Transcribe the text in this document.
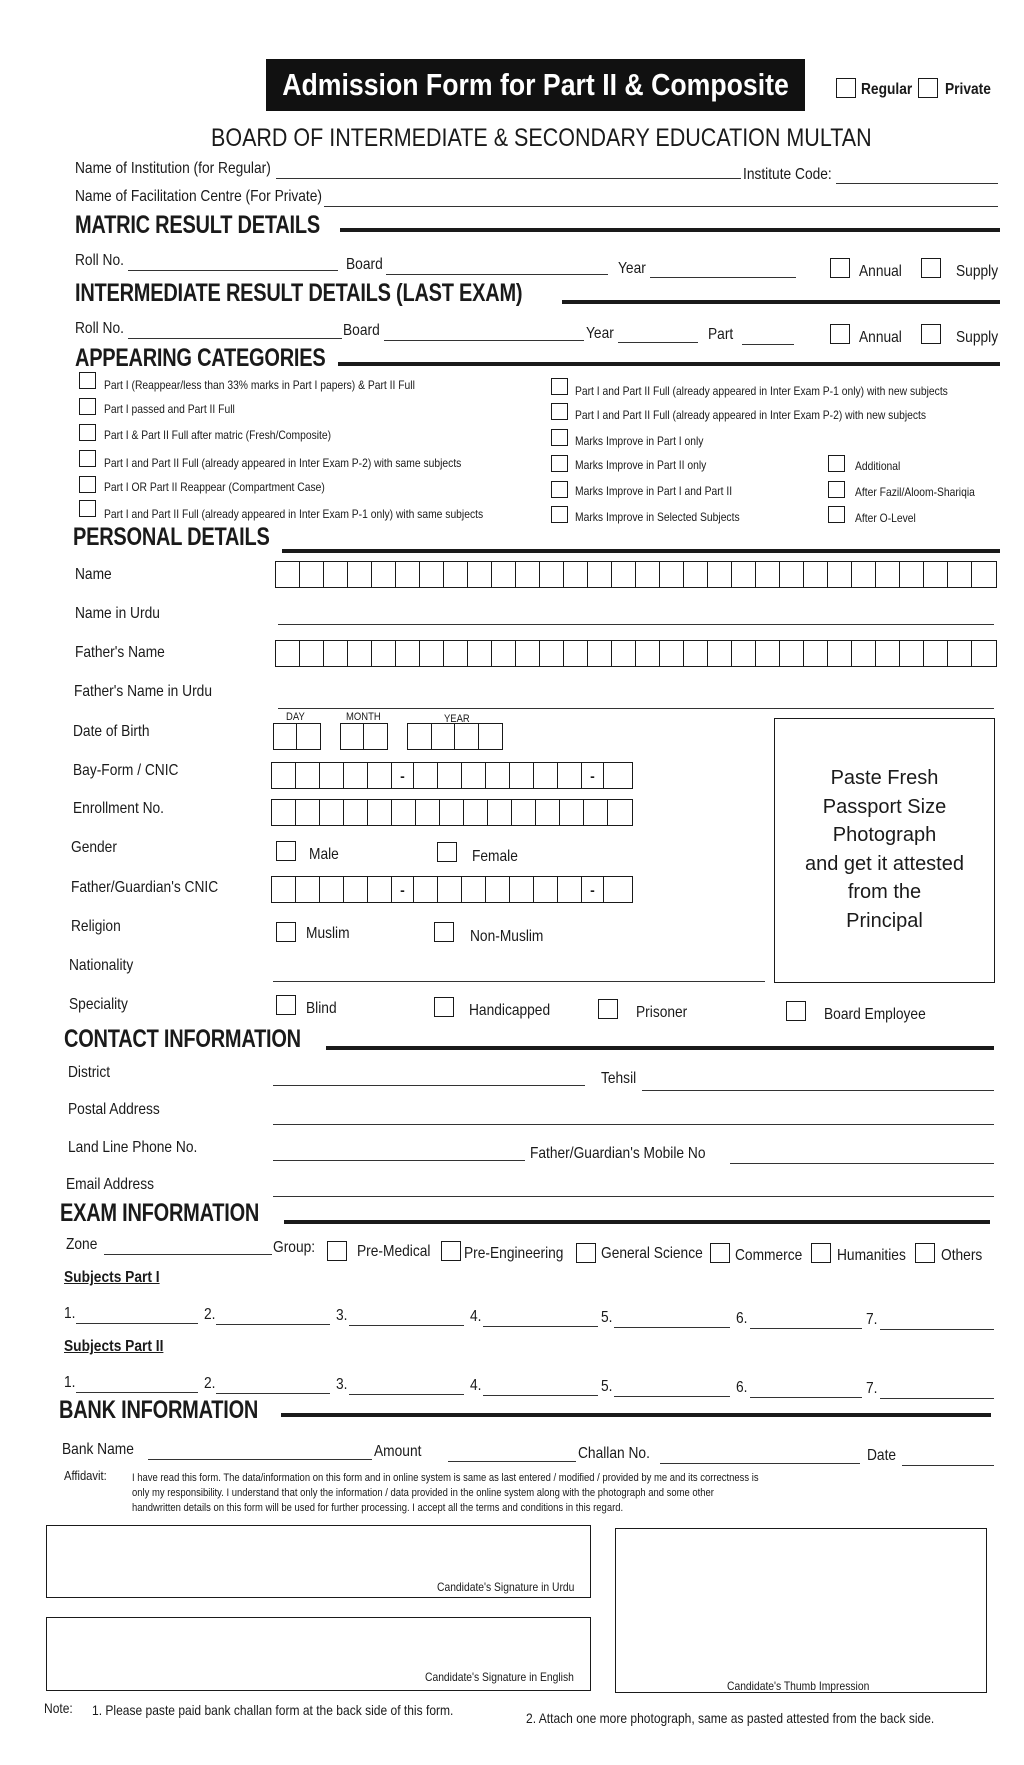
Admission Form for Part II & Composite	Regular Private
BOARD OF INTERMEDIATE & SECONDARY EDUCATION MULTAN
Name of Institution (for Regular)	Institute Code:
Name of Facilitation Centre (For Private)
MATRIC RESULT DETAILS
Roll No.	Board	Year	Annual	Supply
INTERMEDIATE RESULT DETAILS (LAST EXAM)
Roll No.	Board	Year	Part	Annual	Supply
APPEARING CATEGORIES
Part I (Reappear/less than 33% marks in Part I papers) & Part II Full
Part I passed and Part II Full
Part I & Part II Full after matric (Fresh/Composite)
Part I and Part II Full (already appeared in Inter Exam P-2) with same subjects
Part I OR Part II Reappear (Compartment Case)
Part I and Part II Full (already appeared in Inter Exam P-1 only) with same subjects
Part I and Part II Full (already appeared in Inter Exam P-1 only) with new subjects
Part I and Part II Full (already appeared in Inter Exam P-2) with new subjects
Marks Improve in Part I only
Marks Improve in Part II only
Marks Improve in Part I and Part II
Marks Improve in Selected Subjects
Additional
After Fazil/Aloom-Shariqia
After O-Level
PERSONAL DETAILS
Name
Name in Urdu
Father's Name
Father's Name in Urdu
DAY	MONTH	YEAR
Date of Birth
Bay-Form / CNIC	-	-
Enrollment No.
Gender	Male	Female
Father/Guardian's CNIC	-	-
Religion	Muslim	Non-Muslim
Nationality
Paste Fresh
Passport Size
Photograph
and get it attested
from the
Principal
Speciality	Blind	Handicapped	Prisoner	Board Employee
CONTACT INFORMATION
District	Tehsil
Postal Address
Land Line Phone No.	Father/Guardian's Mobile No
Email Address
EXAM INFORMATION
Zone	Group:	Pre-Medical Pre-Engineering General Science Commerce Humanities Others
Subjects Part I
1.	2.	3.	4.	5.	6.	7.
Subjects Part II
1.	2.	3.	4.	5.	6.	7.
BANK INFORMATION
Bank Name	Amount	Challan No.	Date
Affidavit: I have read this form. The data/information on this form and in online system is same as last entered / modified / provided by me and its correctness is
only my responsibility. I understand that only the information / data provided in the online system along with the photograph and some other
handwritten details on this form will be used for further processing. I accept all the terms and conditions in this regard.
Candidate's Signature in Urdu
Candidate's Signature in English
Candidate's Thumb Impression
Note: 1. Please paste paid bank challan form at the back side of this form.	2. Attach one more photograph, same as pasted attested from the back side.
